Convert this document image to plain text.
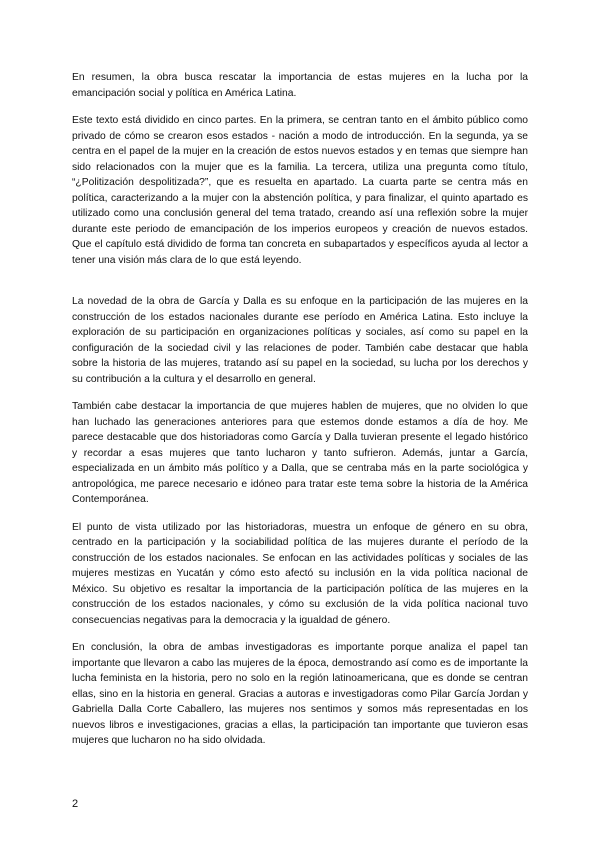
En resumen, la obra busca rescatar la importancia de estas mujeres en la lucha por la emancipación social y política en América Latina.

Este texto está dividido en cinco partes. En la primera, se centran tanto en el ámbito público como privado de cómo se crearon esos estados - nación a modo de introducción. En la segunda, ya se centra en el papel de la mujer en la creación de estos nuevos estados y en temas que siempre han sido relacionados con la mujer que es la familia. La tercera, utiliza una pregunta como título, “¿Politización despolitizada?”, que es resuelta en apartado. La cuarta parte se centra más en política, caracterizando a la mujer con la abstención política, y para finalizar, el quinto apartado es utilizado como una conclusión general del tema tratado, creando así una reflexión sobre la mujer durante este periodo de emancipación de los imperios europeos y creación de nuevos estados. Que el capítulo está dividido de forma tan concreta en subapartados y específicos ayuda al lector a tener una visión más clara de lo que está leyendo.

La novedad de la obra de García y Dalla es su enfoque en la participación de las mujeres en la construcción de los estados nacionales durante ese período en América Latina. Esto incluye la exploración de su participación en organizaciones políticas y sociales, así como su papel en la configuración de la sociedad civil y las relaciones de poder. También cabe destacar que habla sobre la historia de las mujeres, tratando así su papel en la sociedad, su lucha por los derechos y su contribución a la cultura y el desarrollo en general.

También cabe destacar la importancia de que mujeres hablen de mujeres, que no olviden lo que han luchado las generaciones anteriores para que estemos donde estamos a día de hoy. Me parece destacable que dos historiadoras como García y Dalla tuvieran presente el legado histórico y recordar a esas mujeres que tanto lucharon y tanto sufrieron. Además, juntar a García, especializada en un ámbito más político y a Dalla, que se centraba más en la parte sociológica y antropológica, me parece necesario e idóneo para tratar este tema sobre la historia de la América Contemporánea.

El punto de vista utilizado por las historiadoras, muestra un enfoque de género en su obra, centrado en la participación y la sociabilidad política de las mujeres durante el período de la construcción de los estados nacionales. Se enfocan en las actividades políticas y sociales de las mujeres mestizas en Yucatán y cómo esto afectó su inclusión en la vida política nacional de México. Su objetivo es resaltar la importancia de la participación política de las mujeres en la construcción de los estados nacionales, y cómo su exclusión de la vida política nacional tuvo consecuencias negativas para la democracia y la igualdad de género.

En conclusión, la obra de ambas investigadoras es importante porque analiza el papel tan importante que llevaron a cabo las mujeres de la época, demostrando así como es de importante la lucha feminista en la historia, pero no solo en la región latinoamericana, que es donde se centran ellas, sino en la historia en general. Gracias a autoras e investigadoras como Pilar García Jordan y Gabriella Dalla Corte Caballero, las mujeres nos sentimos y somos más representadas en los nuevos libros e investigaciones, gracias a ellas, la participación tan importante que tuvieron esas mujeres que lucharon no ha sido olvidada.

2
